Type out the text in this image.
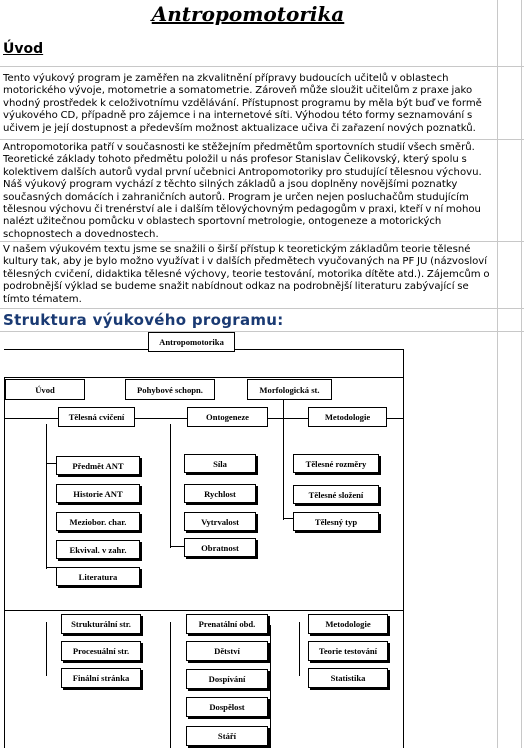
Antropomotorika
Úvod
Tento výukový program je zaměřen na zkvalitnění přípravy budoucích učitelů v oblastech motorického vývoje, motometrie a somatometrie. Zároveň může sloužit učitelům z praxe jako vhodný prostředek k celoživotnímu vzdělávání. Přístupnost programu by měla být buď ve formě výukového CD, případně pro zájemce i na internetové síti. Výhodou této formy seznamování s učivem je její dostupnost a především možnost aktualizace učiva či zařazení nových poznatků.
Antropomotorika patří v současnosti ke stěžejním předmětům sportovních studií všech směrů. Teoretické základy tohoto předmětu položil u nás profesor Stanislav Čelikovský, který spolu s kolektivem dalších autorů vydal první učebnici Antropomotoriky pro studující tělesnou výchovu. Náš výukový program vychází z těchto silných základů a jsou doplněny novějšími poznatky současných domácích i zahraničních autorů. Program je určen nejen posluchačům studujícím tělesnou výchovu či trenérství ale i dalším tělovýchovným pedagogům v praxi, kteří v ní mohou nalézt užitečnou pomůcku v oblastech sportovní metrologie, ontogeneze a motorických schopnostech a dovednostech.
V našem výukovém textu jsme se snažili o širší přístup k teoretickým základům teorie tělesné kultury tak, aby je bylo možno využívat i v dalších předmětech vyučovaných na PF JU (názvosloví tělesných cvičení, didaktika tělesné výchovy, teorie testování, motorika dítěte atd.). Zájemcům o podrobnější výklad se budeme snažit nabídnout odkaz na podrobnější literaturu zabývající se tímto tématem.
Struktura výukového programu:
Antropomotorika
Úvod	Pohybové schopn.	Morfologická st.
Tělesná cvičení	Ontogeneze	Metodologie
Předmět ANT
Historie ANT
Meziobor. char.
Ekvival. v zahr.
Literatura
Síla
Rychlost
Vytrvalost
Obratnost
Tělesné rozměry
Tělesné složení
Tělesný typ
Strukturální str.
Procesuální str.
Finální stránka
Prenatální obd.
Dětství
Dospívání
Dospělost
Stáří
Metodologie
Teorie testování
Statistika
